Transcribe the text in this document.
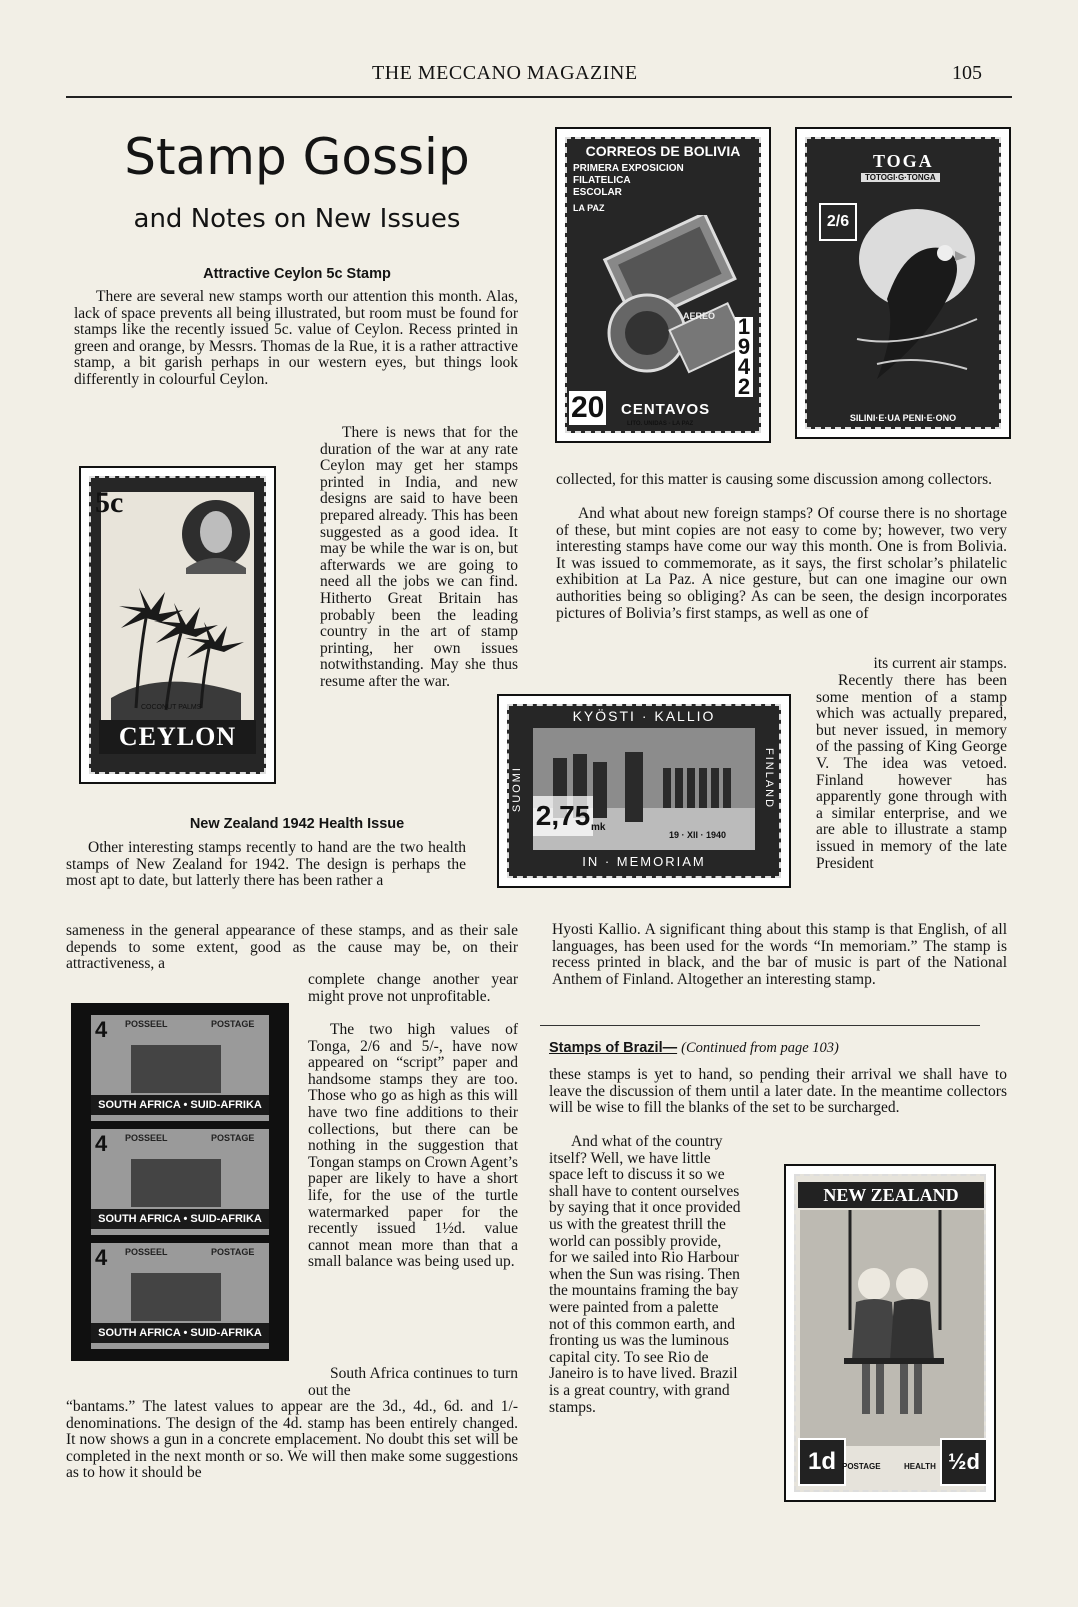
THE MECCANO MAGAZINE	105
Stamp Gossip
and Notes on New Issues
Attractive Ceylon 5c Stamp

There are several new stamps worth our attention this month. Alas, lack of space prevents all being illustrated, but room must be found for stamps like the recently issued 5c. value of Ceylon. Recess printed in green and orange, by Messrs. Thomas de la Rue, it is a rather attractive stamp, a bit garish perhaps in our western eyes, but things look differently in colourful Ceylon.

There is news that for the duration of the war at any rate Ceylon may get her stamps printed in India, and new designs are said to have been prepared already. This has been suggested as a good idea. It may be while the war is on, but afterwards we are going to need all the jobs we can find. Hitherto Great Britain has probably been the leading country in the art of stamp printing, her own issues notwithstanding. May she thus resume after the war.

5c
COCONUT PALMS
CEYLON
New Zealand 1942 Health Issue

Other interesting stamps recently to hand are the two health stamps of New Zealand for 1942. The design is perhaps the most apt to date, but latterly there has been rather a

sameness in the general appearance of these stamps, and as their sale depends to some extent, good as the cause may be, on their attractiveness, a

complete change another year might prove not unprofitable.

The two high values of Tonga, 2/6 and 5/-, have now appeared on “script” paper and handsome stamps they are too. Those who go as high as this will have two fine additions to their collections, but there can be nothing in the suggestion that Tongan stamps on Crown Agent’s paper are likely to have a short life, for the use of the turtle watermarked paper for the recently issued 1½d. value cannot mean more than that a small balance was being used up.

South Africa continues to turn out the

“bantams.” The latest values to appear are the 3d., 4d., 6d. and 1/- denominations. The design of the 4d. stamp has been entirely changed. It now shows a gun in a concrete emplacement. No doubt this set will be completed in the next month or so. We will then make some suggestions as to how it should be

4 POSSEEL	POSTAGE
SOUTH AFRICA • SUID-AFRIKA
4 POSSEEL	POSTAGE
SOUTH AFRICA • SUID-AFRIKA
4 POSSEEL	POSTAGE
SOUTH AFRICA • SUID-AFRIKA
CORREOS DE BOLIVIA
PRIMERA EXPOSICION
FILATELICA
ESCOLAR
LA PAZ
AEREO 1942
20 CENTAVOS
LITO. UNIDAS - LA PAZ
TOGA
TOTOGI·G·TONGA
2/6
SILINI·E·UA PENI·E·ONO

collected, for this matter is causing some discussion among collectors.

And what about new foreign stamps? Of course there is no shortage of these, but mint copies are not easy to come by; however, two very interesting stamps have come our way this month. One is from Bolivia. It was issued to commemorate, as it says, the first scholar’s philatelic exhibition at La Paz. A nice gesture, but can one imagine our own authorities being so obliging? As can be seen, the design incorporates pictures of Bolivia’s first stamps, as well as one of

its current air stamps.

Recently there has been some mention of a stamp which was actually prepared, but never issued, in memory of the passing of King George V. The idea was vetoed. Finland however has apparently gone through with a similar enterprise, and we are able to illustrate a stamp issued in memory of the late President

Hyosti Kallio. A significant thing about this stamp is that English, of all languages, has been used for the words “In memoriam.” The stamp is recess printed in black, and the bar of music is part of the National Anthem of Finland. Altogether an interesting stamp.

KYÖSTI · KALLIO
SUOMI	FINLAND
2,75 mk
19 · XII · 1940
IN · MEMORIAM
Stamps of Brazil— (Continued from page 103)

these stamps is yet to hand, so pending their arrival we shall have to leave the discussion of them until a later date. In the meantime collectors will be wise to fill the blanks of the set to be surcharged.

And what of the country itself? Well, we have little space left to discuss it so we shall have to content ourselves by saying that it once provided us with the greatest thrill the world can possibly provide, for we sailed into Rio Harbour when the Sun was rising. Then the mountains framing the bay were painted from a palette not of this common earth, and fronting us was the luminous capital city. To see Rio de Janeiro is to have lived. Brazil is a great country, with grand stamps.

NEW ZEALAND
1d	½d
POSTAGE	HEALTH
